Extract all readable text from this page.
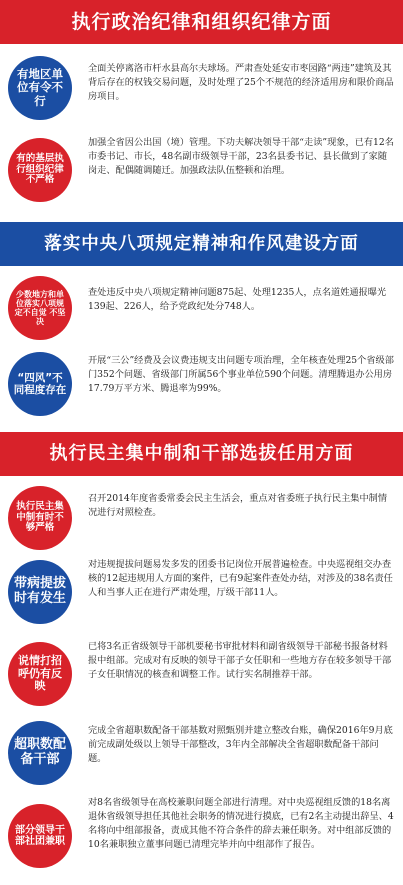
执行政治纪律和组织纪律方面
有地区单位有令不行

全面关停离洛市杆水县高尔夫球场。严肃查处延安市枣园路“两违”建筑及其背后存在的权钱交易问题，及时处理了25个不规范的经济适用房和限价商品房项目。

有的基层执行组织纪律不严格

加强全省因公出国（境）管理。下功夫解决领导干部“走读”现象，已有12名市委书记、市长，48名副市级领导干部，23名县委书记、县长做到了家随岗走、配偶随调随迁。加强政法队伍整顿和治理。

落实中央八项规定精神和作风建设方面
少数地方和单位落实八项规定不自觉 不坚决

查处违反中央八项规定精神问题875起、处理1235人，点名道姓通报曝光139起、226人，给予党政纪处分748人。

“四风”不同程度存在

开展“三公”经费及会议费违规支出问题专项治理，全年核查处理25个省级部门352个问题、省级部门所属56个事业单位590个问题。清理腾退办公用房17.79万平方米、腾退率为99%。

执行民主集中制和干部选拔任用方面
执行民主集中制有时不够严格

召开2014年度省委常委会民主生活会，重点对省委班子执行民主集中制情况进行对照检查。

带病提拔时有发生

对违规提拔问题易发多发的团委书记岗位开展普遍检查。中央巡视组交办查核的12起违规用人方面的案件，已有9起案件查处办结，对涉及的38名责任人和当事人正在进行严肃处理，厅级干部11人。

说情打招呼仍有反映

已将3名正省级领导干部机要秘书审批材料和副省级领导干部秘书报备材料报中组部。完成对有反映的领导干部子女任职和一些地方存在较多领导干部子女任职情况的核查和调整工作。试行实名制推荐干部。

超职数配备干部

完成全省超职数配备干部基数对照甄别并建立整改台账，确保2016年9月底前完成副处级以上领导干部整改，3年内全部解决全省超职数配备干部问题。

部分领导干部社团兼职

对8名省级领导在高校兼职问题全部进行清理。对中央巡视组反馈的18名离退休省级领导担任其他社会职务的情况进行摸底，已有2名主动提出辞呈、4名将向中组部报备，责成其他不符合条件的辞去兼任职务。对中组部反馈的10名兼职独立董事问题已清理完毕并向中组部作了报告。
